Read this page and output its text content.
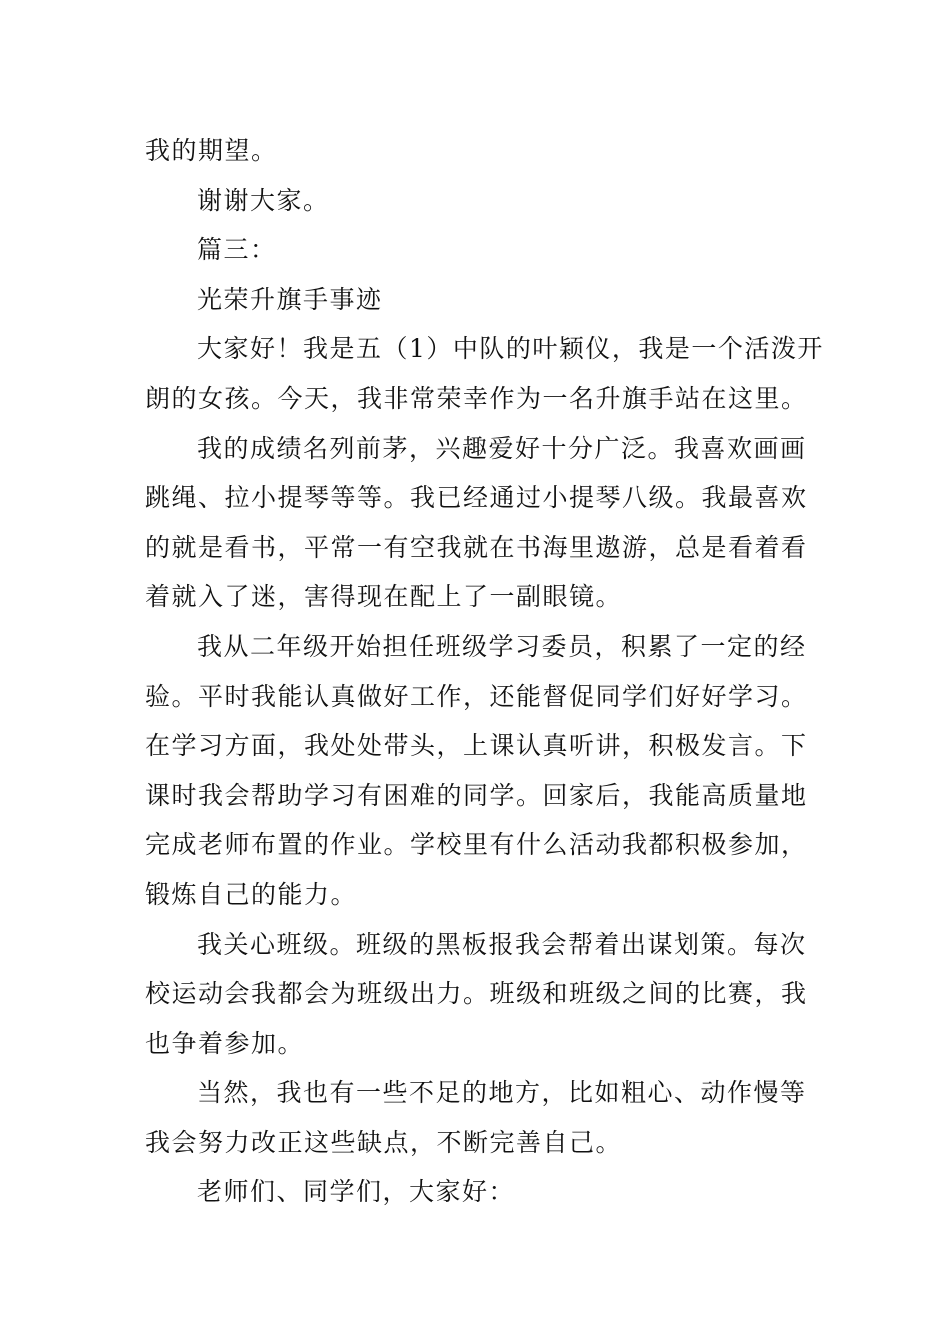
我的期望。
谢谢大家。
篇三：
光荣升旗手事迹
大家好！我是五（1）中队的叶颖仪，我是一个活泼开
朗的女孩。今天，我非常荣幸作为一名升旗手站在这里。
我的成绩名列前茅，兴趣爱好十分广泛。我喜欢画画
跳绳、拉小提琴等等。我已经通过小提琴八级。我最喜欢
的就是看书，平常一有空我就在书海里遨游，总是看着看
着就入了迷，害得现在配上了一副眼镜。
我从二年级开始担任班级学习委员，积累了一定的经
验。平时我能认真做好工作，还能督促同学们好好学习。
在学习方面，我处处带头，上课认真听讲，积极发言。下
课时我会帮助学习有困难的同学。回家后，我能高质量地
完成老师布置的作业。学校里有什么活动我都积极参加，
锻炼自己的能力。
我关心班级。班级的黑板报我会帮着出谋划策。每次
校运动会我都会为班级出力。班级和班级之间的比赛，我
也争着参加。
当然，我也有一些不足的地方，比如粗心、动作慢等
我会努力改正这些缺点，不断完善自己。
老师们、同学们，大家好：
